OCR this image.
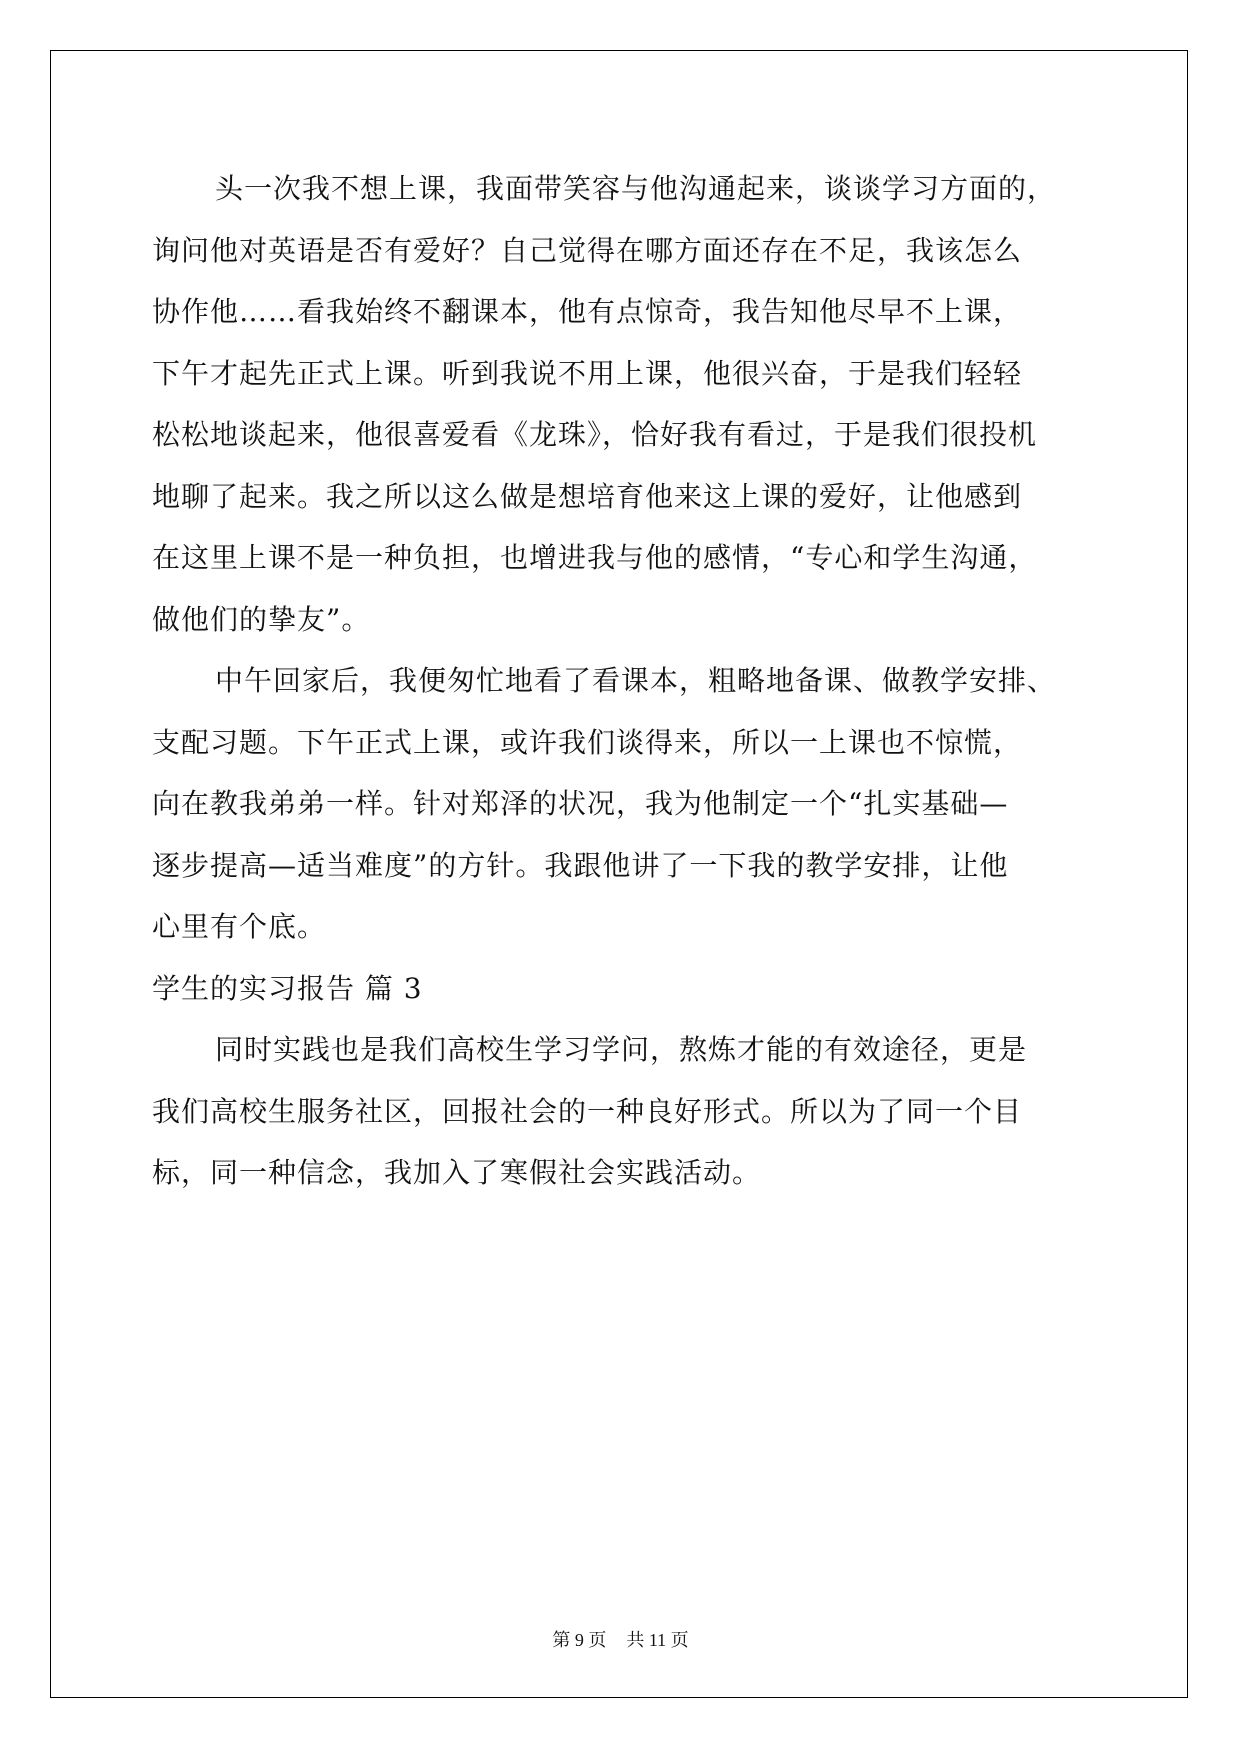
头一次我不想上课，我面带笑容与他沟通起来，谈谈学习方面的，
询问他对英语是否有爱好？自己觉得在哪方面还存在不足，我该怎么
协作他……看我始终不翻课本，他有点惊奇，我告知他尽早不上课，
下午才起先正式上课。听到我说不用上课，他很兴奋，于是我们轻轻
松松地谈起来，他很喜爱看《龙珠》，恰好我有看过，于是我们很投机
地聊了起来。我之所以这么做是想培育他来这上课的爱好，让他感到
在这里上课不是一种负担，也增进我与他的感情，“专心和学生沟通，
做他们的挚友”。
中午回家后，我便匆忙地看了看课本，粗略地备课、做教学安排、
支配习题。下午正式上课，或许我们谈得来，所以一上课也不惊慌，
向在教我弟弟一样。针对郑泽的状况，我为他制定一个“扎实基础—
逐步提高—适当难度”的方针。我跟他讲了一下我的教学安排，让他
心里有个底。
学生的实习报告 篇 3
同时实践也是我们高校生学习学问，熬炼才能的有效途径，更是
我们高校生服务社区，回报社会的一种良好形式。所以为了同一个目
标，同一种信念，我加入了寒假社会实践活动。
第 9 页 共 11 页
